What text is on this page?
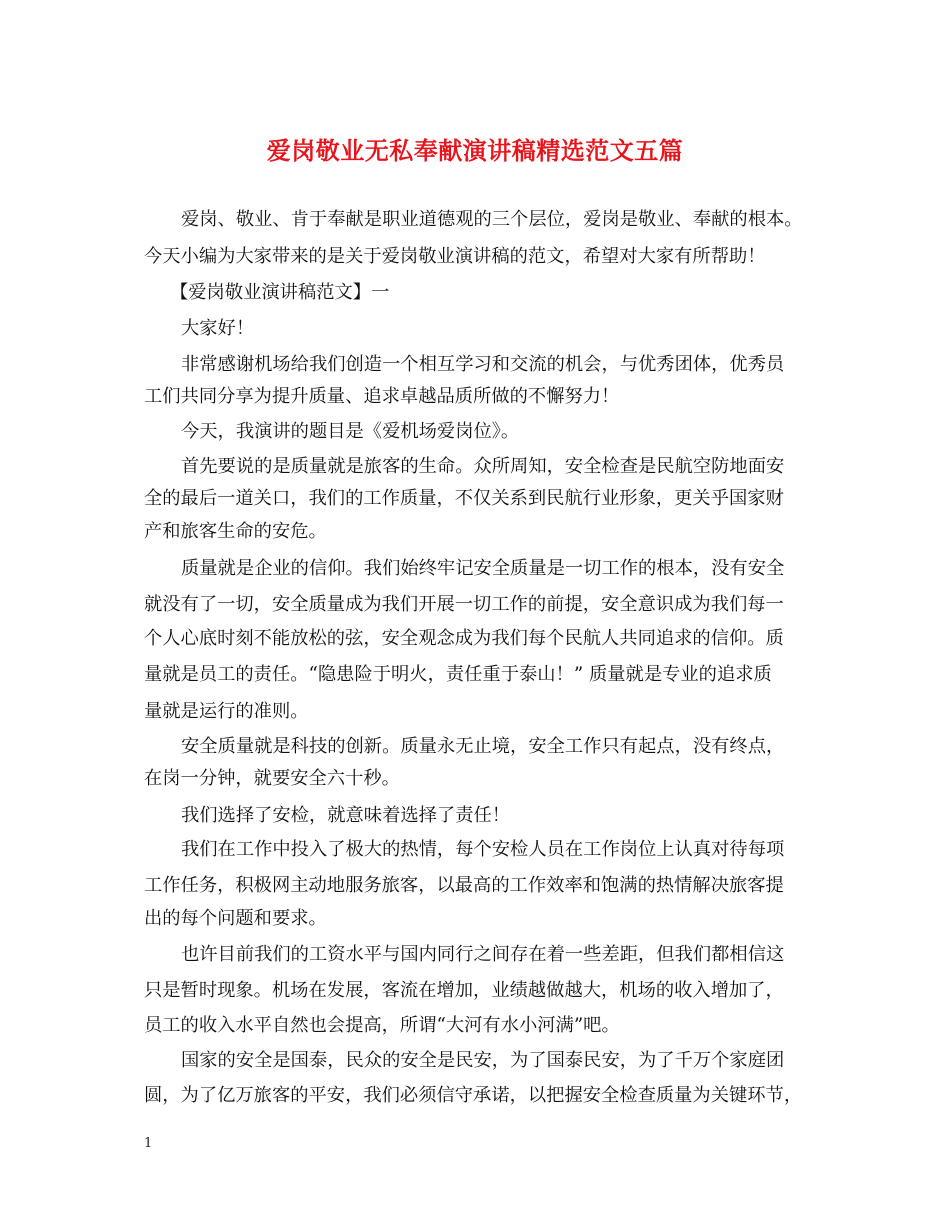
爱岗敬业无私奉献演讲稿精选范文五篇
爱岗、敬业、肯于奉献是职业道德观的三个层位，爱岗是敬业、奉献的根本。
今天小编为大家带来的是关于爱岗敬业演讲稿的范文，希望对大家有所帮助！
【爱岗敬业演讲稿范文】一
大家好！
非常感谢机场给我们创造一个相互学习和交流的机会，与优秀团体，优秀员
工们共同分享为提升质量、追求卓越品质所做的不懈努力！
今天，我演讲的题目是《爱机场爱岗位》。
首先要说的是质量就是旅客的生命。众所周知，安全检查是民航空防地面安
全的最后一道关口，我们的工作质量，不仅关系到民航行业形象，更关乎国家财
产和旅客生命的安危。
质量就是企业的信仰。我们始终牢记安全质量是一切工作的根本，没有安全
就没有了一切，安全质量成为我们开展一切工作的前提，安全意识成为我们每一
个人心底时刻不能放松的弦，安全观念成为我们每个民航人共同追求的信仰。质
量就是员工的责任。“隐患险于明火，责任重于泰山！” 质量就是专业的追求质
量就是运行的准则。
安全质量就是科技的创新。质量永无止境，安全工作只有起点，没有终点，
在岗一分钟，就要安全六十秒。
我们选择了安检，就意味着选择了责任！
我们在工作中投入了极大的热情，每个安检人员在工作岗位上认真对待每项
工作任务，积极网主动地服务旅客，以最高的工作效率和饱满的热情解决旅客提
出的每个问题和要求。
也许目前我们的工资水平与国内同行之间存在着一些差距，但我们都相信这
只是暂时现象。机场在发展，客流在增加，业绩越做越大，机场的收入增加了，
员工的收入水平自然也会提高，所谓“大河有水小河满”吧。
国家的安全是国泰，民众的安全是民安，为了国泰民安，为了千万个家庭团
圆，为了亿万旅客的平安，我们必须信守承诺，以把握安全检查质量为关键环节，
1
